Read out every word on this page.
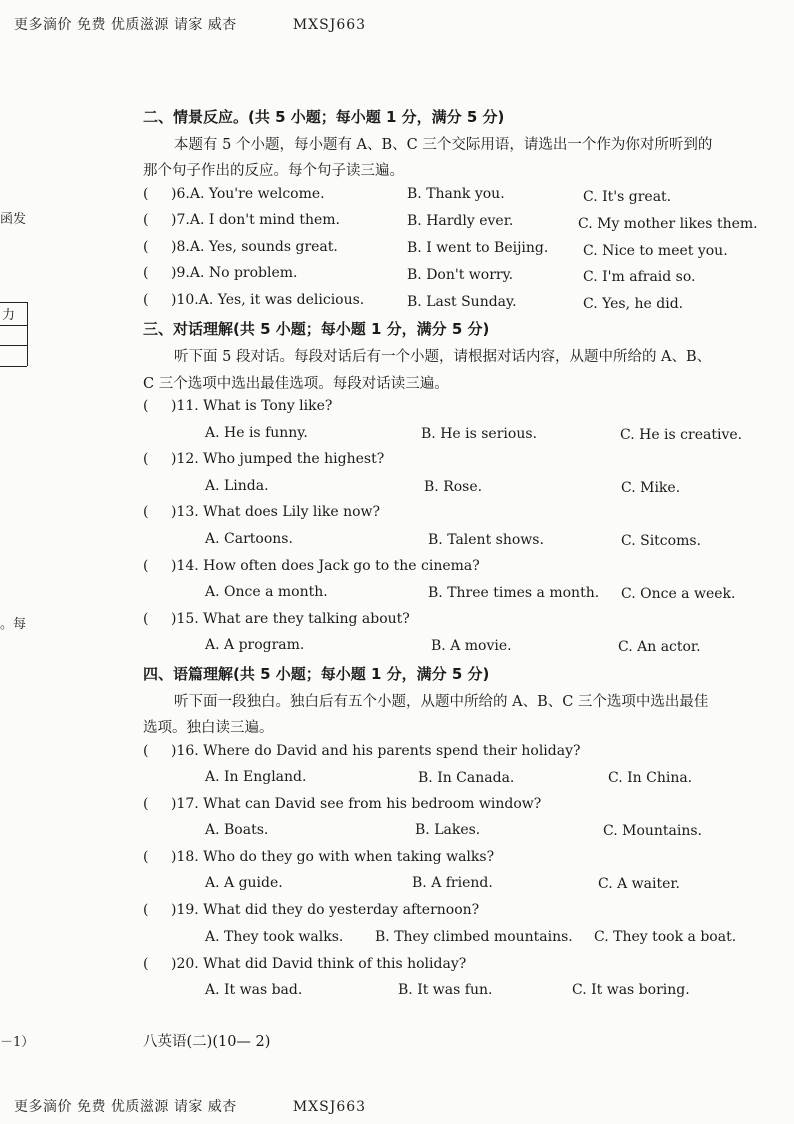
更多滴价 免费 优质滋源 请家 威杏	MXSJ663
函发
力
。每
－1）
二、情景反应。(共 5 小题；每小题 1 分，满分 5 分)
本题有 5 个小题，每小题有 A、B、C 三个交际用语，请选出一个作为你对所听到的
那个句子作出的反应。每个句子读三遍。
( )6.A. You're welcome.	B. Thank you.	C. It's great.
( )7.A. I don't mind them.	B. Hardly ever.	C. My mother likes them.
( )8.A. Yes, sounds great.	B. I went to Beijing. C. Nice to meet you.
( )9.A. No problem.	B. Don't worry.	C. I'm afraid so.
( )10.A. Yes, it was delicious.	B. Last Sunday.	C. Yes, he did.
三、对话理解(共 5 小题；每小题 1 分，满分 5 分)
听下面 5 段对话。每段对话后有一个小题，请根据对话内容，从题中所给的 A、B、
C 三个选项中选出最佳选项。每段对话读三遍。
( )11. What is Tony like?
A. He is funny.	B. He is serious.	C. He is creative.
( )12. Who jumped the highest?
A. Linda.	B. Rose.	C. Mike.
( )13. What does Lily like now?
A. Cartoons.	B. Talent shows.	C. Sitcoms.
( )14. How often does Jack go to the cinema?
A. Once a month.	B. Three times a month. C. Once a week.
( )15. What are they talking about?
A. A program.	B. A movie.	C. An actor.
四、语篇理解(共 5 小题；每小题 1 分，满分 5 分)
听下面一段独白。独白后有五个小题，从题中所给的 A、B、C 三个选项中选出最佳
选项。独白读三遍。
( )16. Where do David and his parents spend their holiday?
A. In England.	B. In Canada.	C. In China.
( )17. What can David see from his bedroom window?
A. Boats.	B. Lakes.	C. Mountains.
( )18. Who do they go with when taking walks?
A. A guide.	B. A friend.	C. A waiter.
( )19. What did they do yesterday afternoon?
A. They took walks. B. They climbed mountains. C. They took a boat.
( )20. What did David think of this holiday?
A. It was bad.	B. It was fun.	C. It was boring.
八英语(二)(10— 2)
更多滴价 免费 优质滋源 请家 威杏	MXSJ663
